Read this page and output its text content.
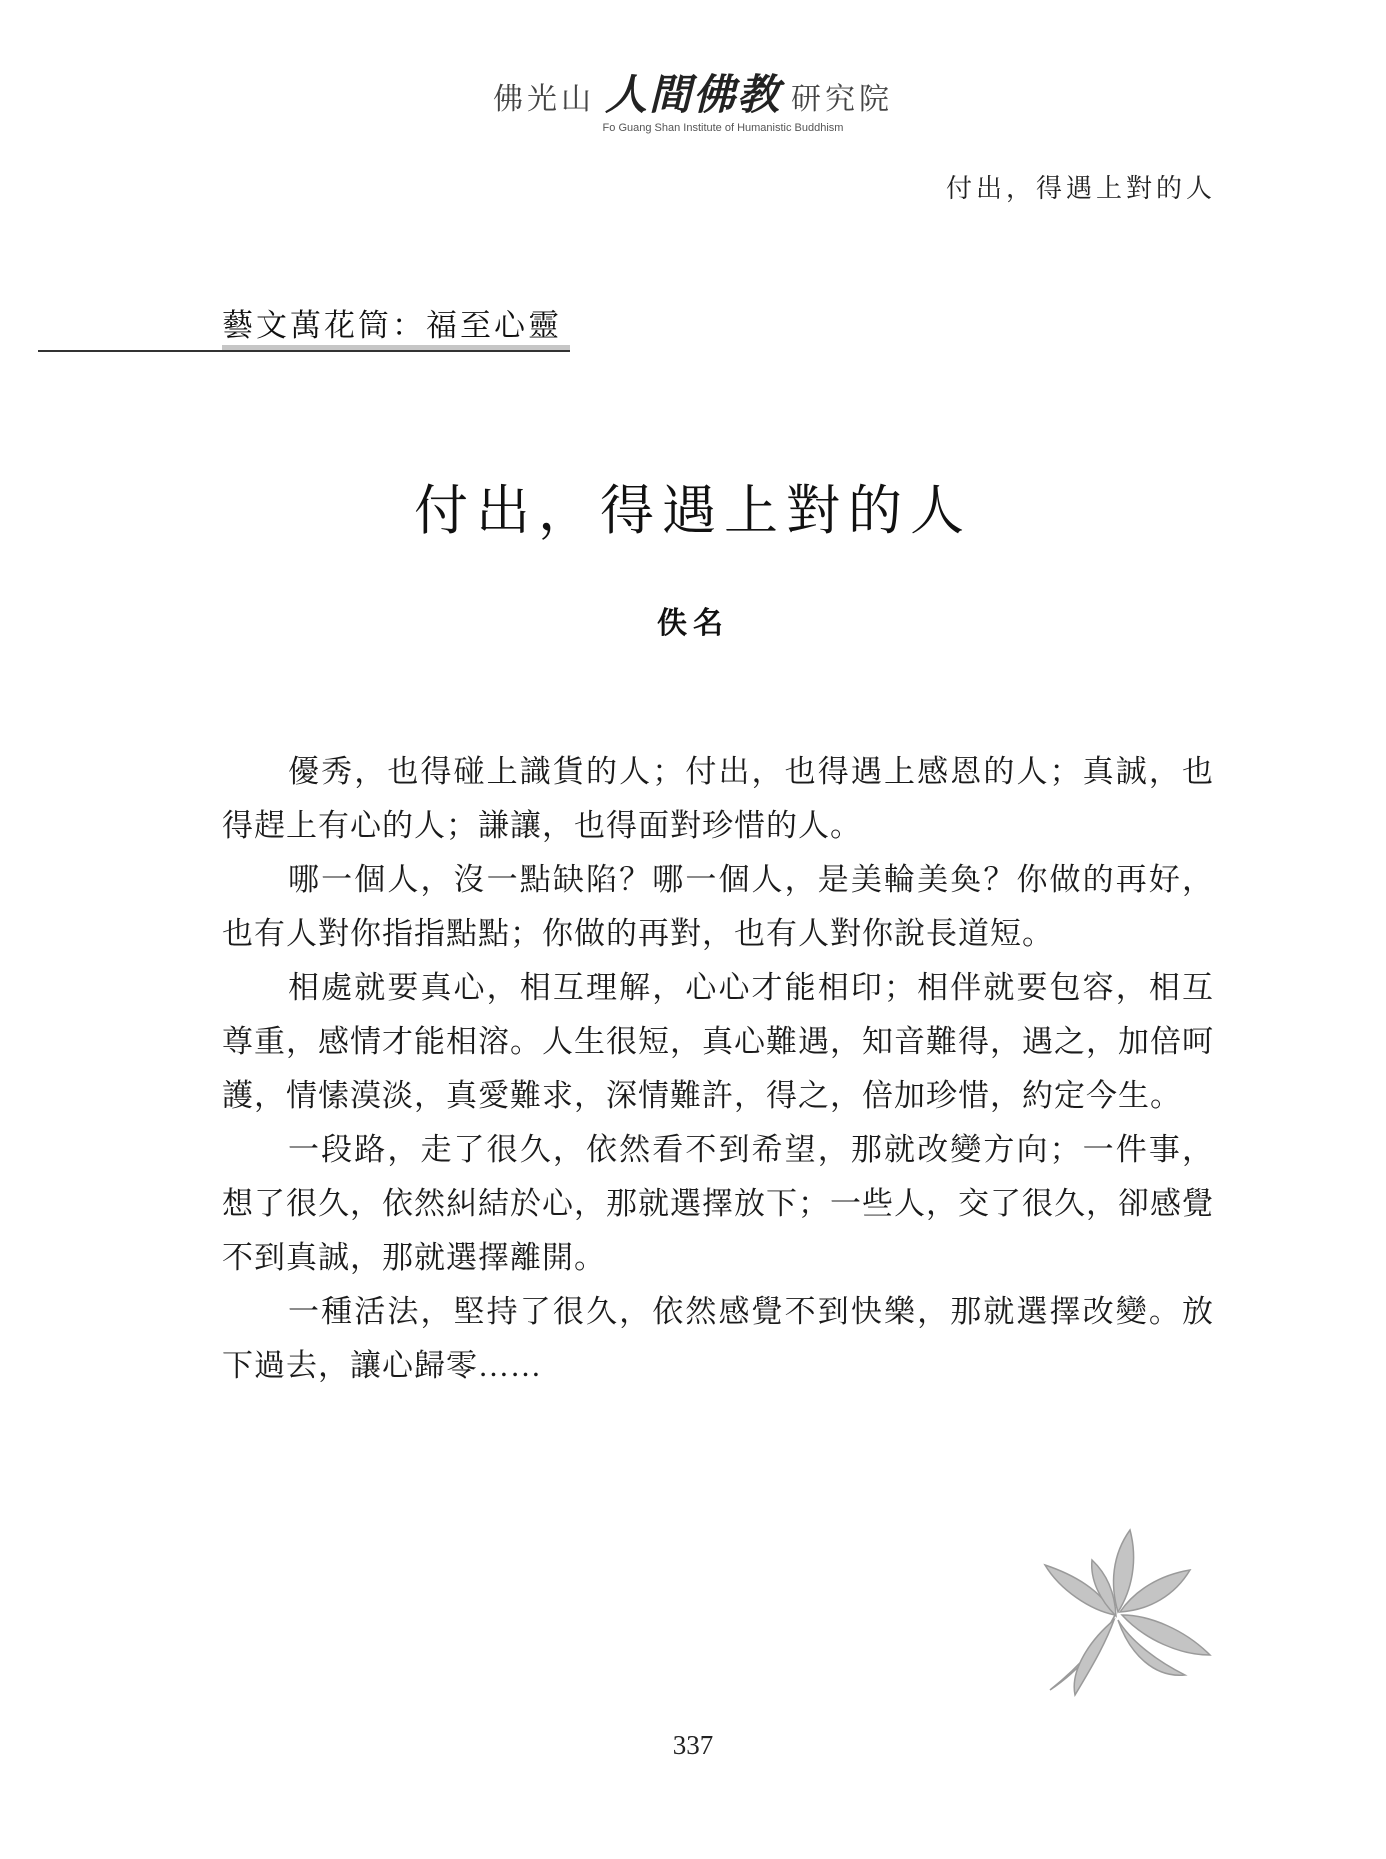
佛光山 人間佛教 研究院
Fo Guang Shan Institute of Humanistic Buddhism
付出，得遇上對的人
藝文萬花筒：福至心靈
付出，得遇上對的人
佚名

優秀，也得碰上識貨的人；付出，也得遇上感恩的人；真誠，也得趕上有心的人；謙讓，也得面對珍惜的人。

哪一個人，沒一點缺陷？哪一個人，是美輪美奐？你做的再好，也有人對你指指點點；你做的再對，也有人對你說長道短。

相處就要真心，相互理解，心心才能相印；相伴就要包容，相互尊重，感情才能相溶。人生很短，真心難遇，知音難得，遇之，加倍呵護，情愫漠淡，真愛難求，深情難許，得之，倍加珍惜，約定今生。

一段路，走了很久，依然看不到希望，那就改變方向；一件事，想了很久，依然糾結於心，那就選擇放下；一些人，交了很久，卻感覺不到真誠，那就選擇離開。

一種活法，堅持了很久，依然感覺不到快樂，那就選擇改變。放下過去，讓心歸零……

337
